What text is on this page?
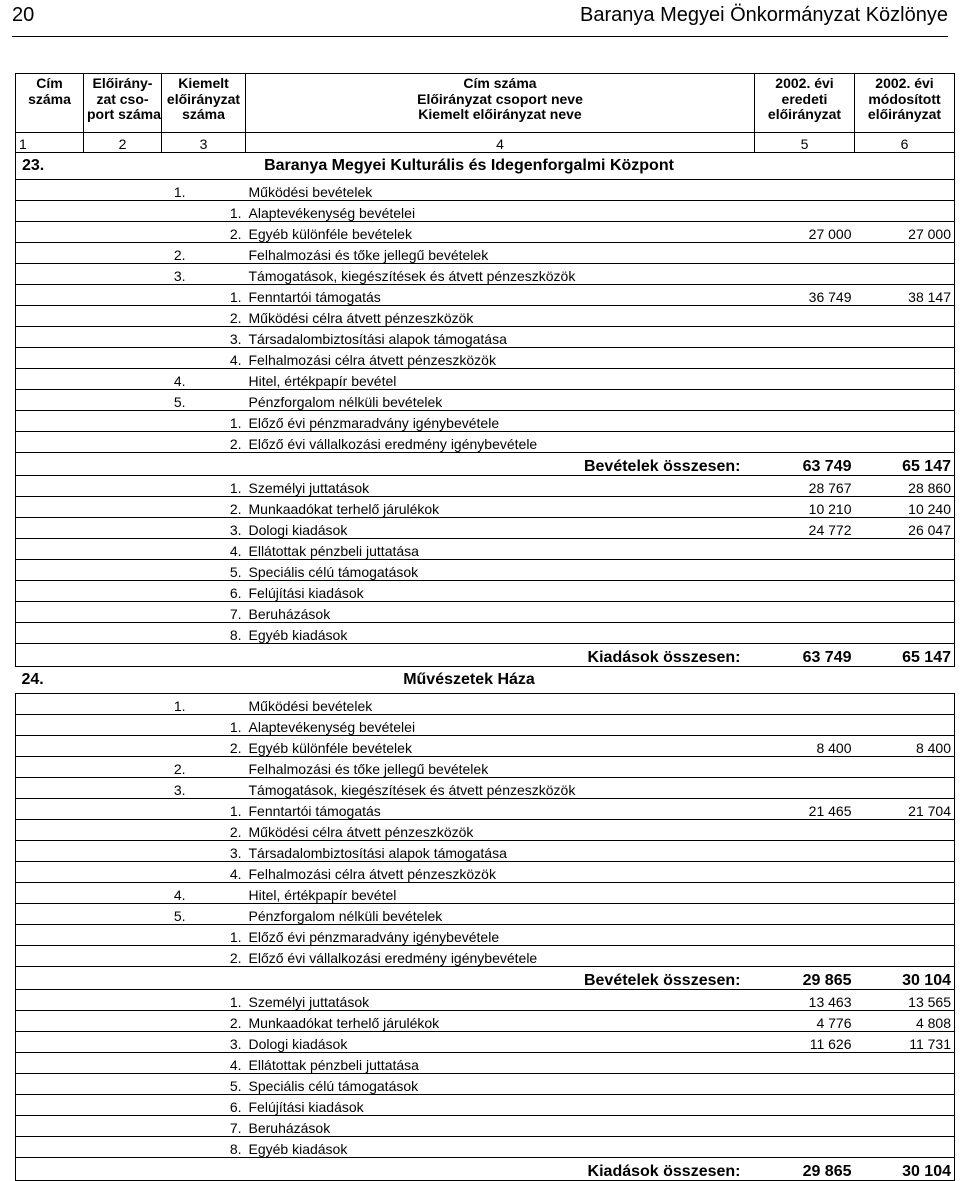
20	Baranya Megyei Önkormányzat Közlönye
Cím
száma	Előirány-
zat cso-
port száma	Kiemelt
előirányzat
száma	Cím száma
Előirányzat csoport neve
Kiemelt előirányzat neve	2002. évi
eredeti
előirányzat	2002. évi
módosított
előirányzat
1	2	3	4	5	6
23.	Baranya Megyei Kulturális és Idegenforgalmi Központ				
1.			Működési bevételek		
1.			Alaptevékenység bevételei		
2.			Egyéb különféle bevételek	27 000	27 000
2.			Felhalmozási és tőke jellegű bevételek		
3.			Támogatások, kiegészítések és átvett pénzeszközök		
1.			Fenntartói támogatás	36 749	38 147
2.			Működési célra átvett pénzeszközök		
3.			Társadalombiztosítási alapok támogatása		
4.			Felhalmozási célra átvett pénzeszközök		
4.			Hitel, értékpapír bevétel		
5.			Pénzforgalom nélküli bevételek		
1.			Előző évi pénzmaradvány igénybevétele		
2.			Előző évi vállalkozási eredmény igénybevétele		
Bevételek összesen:				63 749	65 147
1.			Személyi juttatások	28 767	28 860
2.			Munkaadókat terhelő járulékok	10 210	10 240
3.			Dologi kiadások	24 772	26 047
4.			Ellátottak pénzbeli juttatása		
5.			Speciális célú támogatások		
6.			Felújítási kiadások		
7.			Beruházások		
8.			Egyéb kiadások		
Kiadások összesen:				63 749	65 147
24.	Művészetek Háza				
1.			Működési bevételek		
1.			Alaptevékenység bevételei		
2.			Egyéb különféle bevételek	8 400	8 400
2.			Felhalmozási és tőke jellegű bevételek		
3.			Támogatások, kiegészítések és átvett pénzeszközök		
1.			Fenntartói támogatás	21 465	21 704
2.			Működési célra átvett pénzeszközök		
3.			Társadalombiztosítási alapok támogatása		
4.			Felhalmozási célra átvett pénzeszközök		
4.			Hitel, értékpapír bevétel		
5.			Pénzforgalom nélküli bevételek		
1.			Előző évi pénzmaradvány igénybevétele		
2.			Előző évi vállalkozási eredmény igénybevétele		
Bevételek összesen:				29 865	30 104
1.			Személyi juttatások	13 463	13 565
2.			Munkaadókat terhelő járulékok	4 776	4 808
3.			Dologi kiadások	11 626	11 731
4.			Ellátottak pénzbeli juttatása		
5.			Speciális célú támogatások		
6.			Felújítási kiadások		
7.			Beruházások		
8.			Egyéb kiadások		
Kiadások összesen:				29 865	30 104
